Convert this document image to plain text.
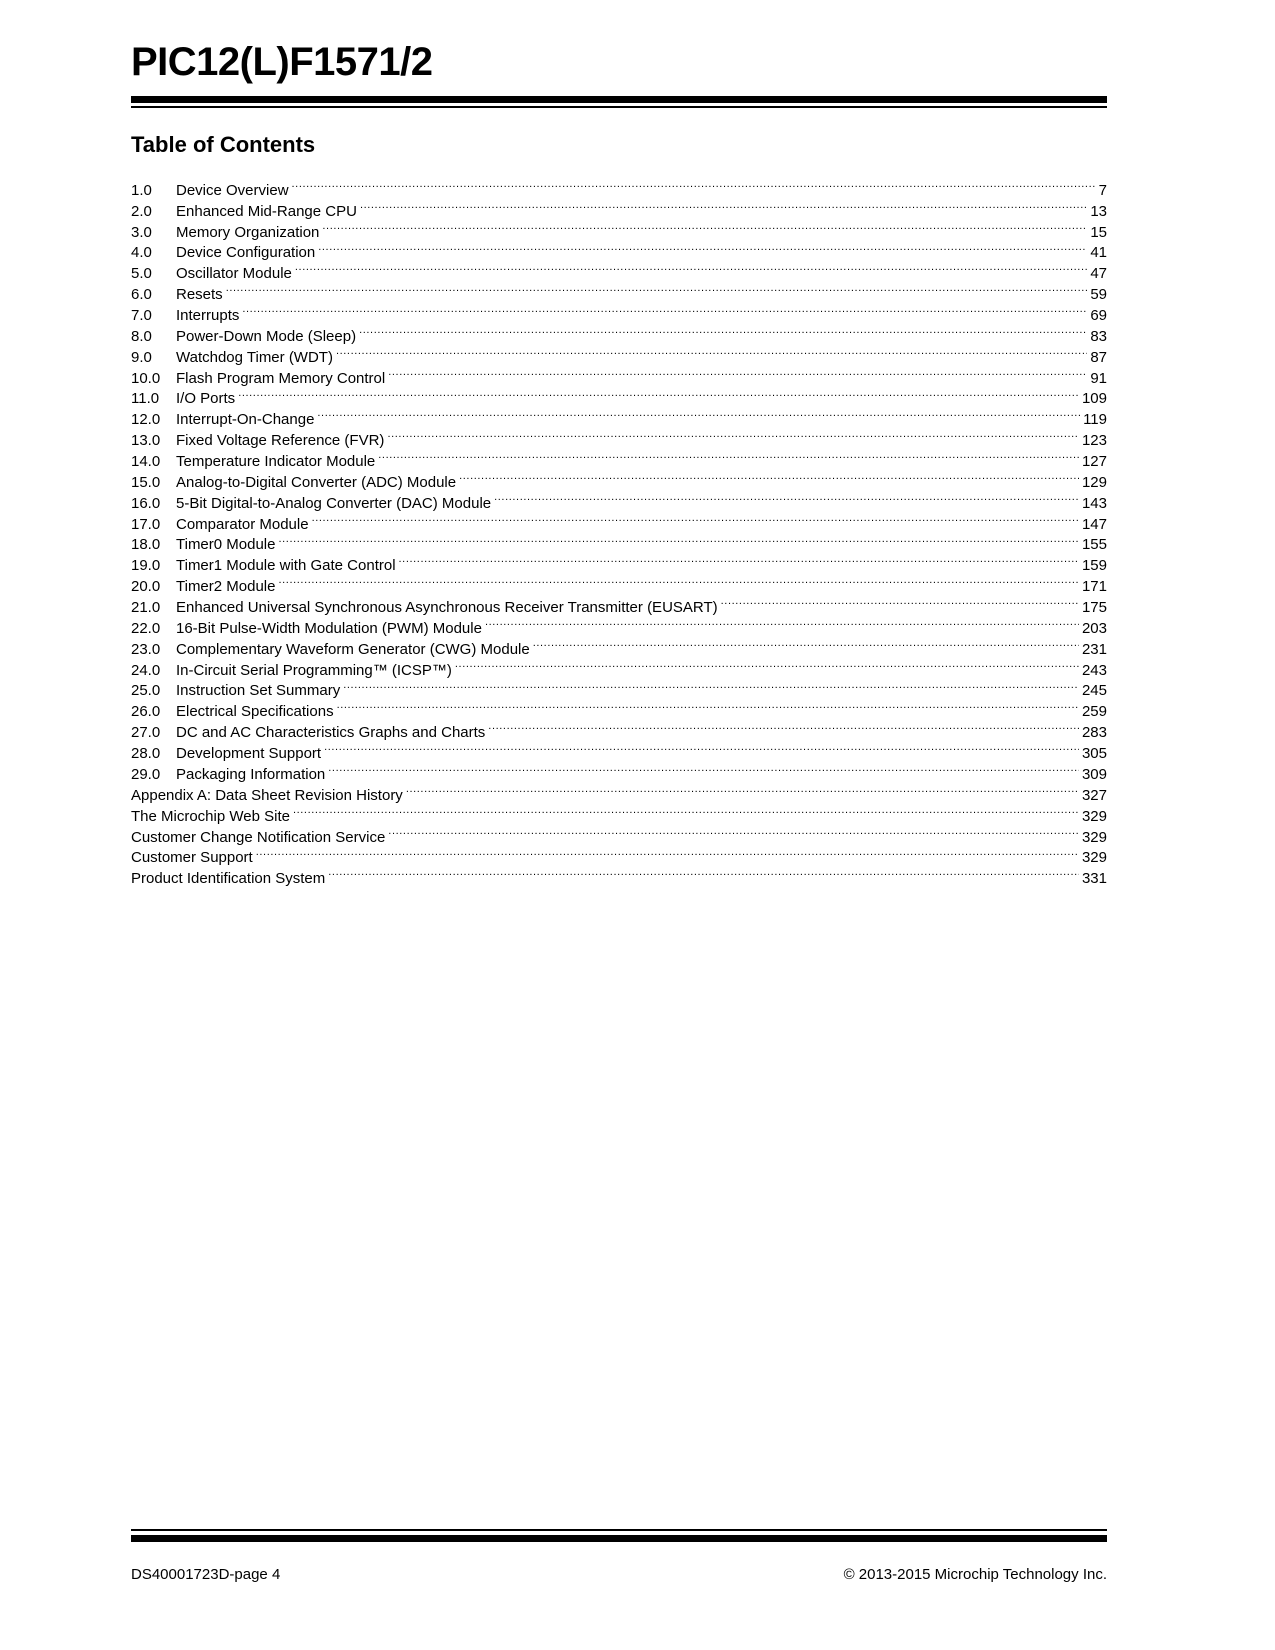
PIC12(L)F1571/2
Table of Contents
1.0	Device Overview .....	7
2.0	Enhanced Mid-Range CPU .....	13
3.0	Memory Organization .....	15
4.0	Device Configuration .....	41
5.0	Oscillator Module .....	47
6.0	Resets .....	59
7.0	Interrupts .....	69
8.0	Power-Down Mode (Sleep) .....	83
9.0	Watchdog Timer (WDT) .....	87
10.0	Flash Program Memory Control .....	91
11.0	I/O Ports .....	109
12.0	Interrupt-On-Change .....	119
13.0	Fixed Voltage Reference (FVR) .....	123
14.0	Temperature Indicator Module .....	127
15.0	Analog-to-Digital Converter (ADC) Module .....	129
16.0	5-Bit Digital-to-Analog Converter (DAC) Module .....	143
17.0	Comparator Module .....	147
18.0	Timer0 Module .....	155
19.0	Timer1 Module with Gate Control .....	159
20.0	Timer2 Module .....	171
21.0	Enhanced Universal Synchronous Asynchronous Receiver Transmitter (EUSART) .....	175
22.0	16-Bit Pulse-Width Modulation (PWM) Module .....	203
23.0	Complementary Waveform Generator (CWG) Module .....	231
24.0	In-Circuit Serial Programming™ (ICSP™) .....	243
25.0	Instruction Set Summary .....	245
26.0	Electrical Specifications .....	259
27.0	DC and AC Characteristics Graphs and Charts .....	283
28.0	Development Support .....	305
29.0	Packaging Information .....	309
Appendix A: Data Sheet Revision History .....	327
The Microchip Web Site .....	329
Customer Change Notification Service .....	329
Customer Support .....	329
Product Identification System .....	331
DS40001723D-page 4	© 2013-2015 Microchip Technology Inc.
